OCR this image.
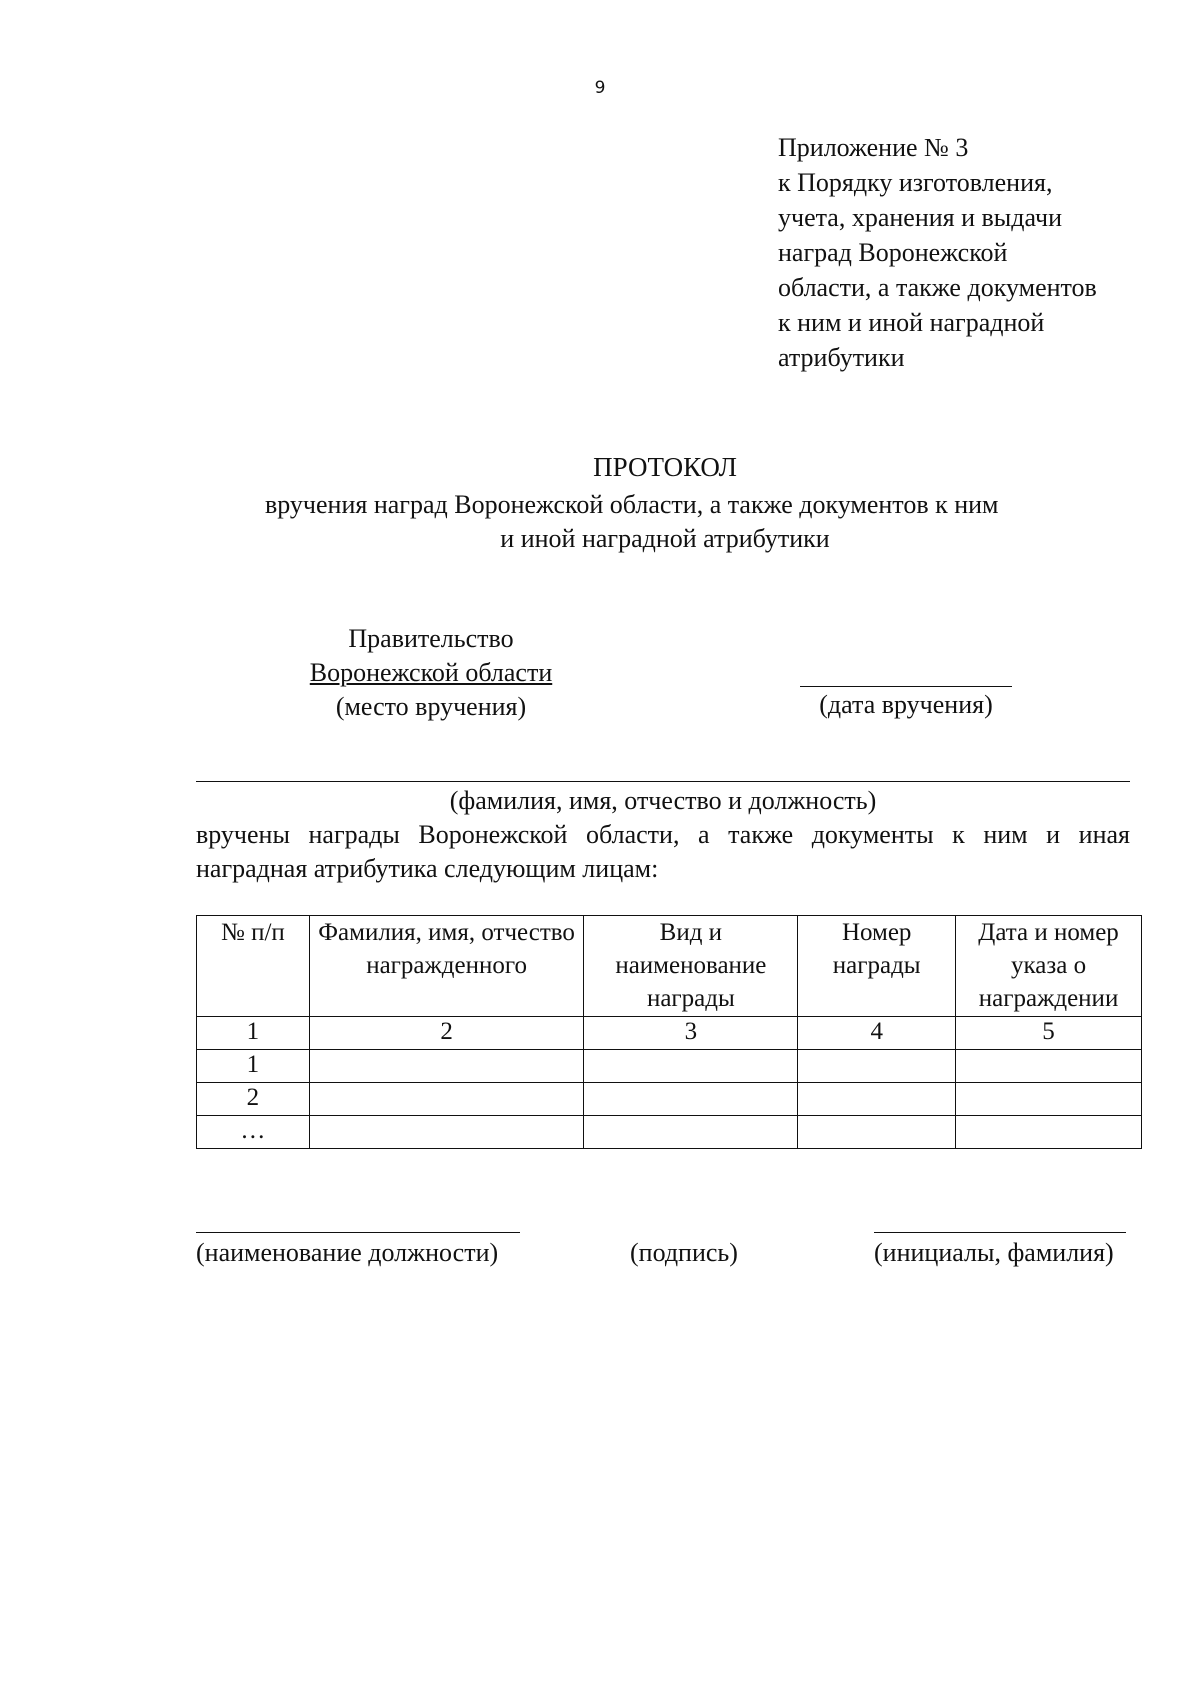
9
Приложение № 3
к Порядку изготовления,
учета, хранения и выдачи
наград Воронежской
области, а также документов
к ним и иной наградной
атрибутики
ПРОТОКОЛ
вручения наград Воронежской области, а также документов к ним
и иной наградной атрибутики
Правительство
Воронежской области
(место вручения)	(дата вручения)
(фамилия, имя, отчество и должность)
вручены награды Воронежской области, а также документы к ним и иная
наградная атрибутика следующим лицам:
№ п/п	Фамилия, имя, отчество награжденного	Вид и наименование награды	Номер награды	Дата и номер указа о награждении
1	2	3	4	5
1				
2				
…				
(наименование должности)	(подпись)	(инициалы, фамилия)
